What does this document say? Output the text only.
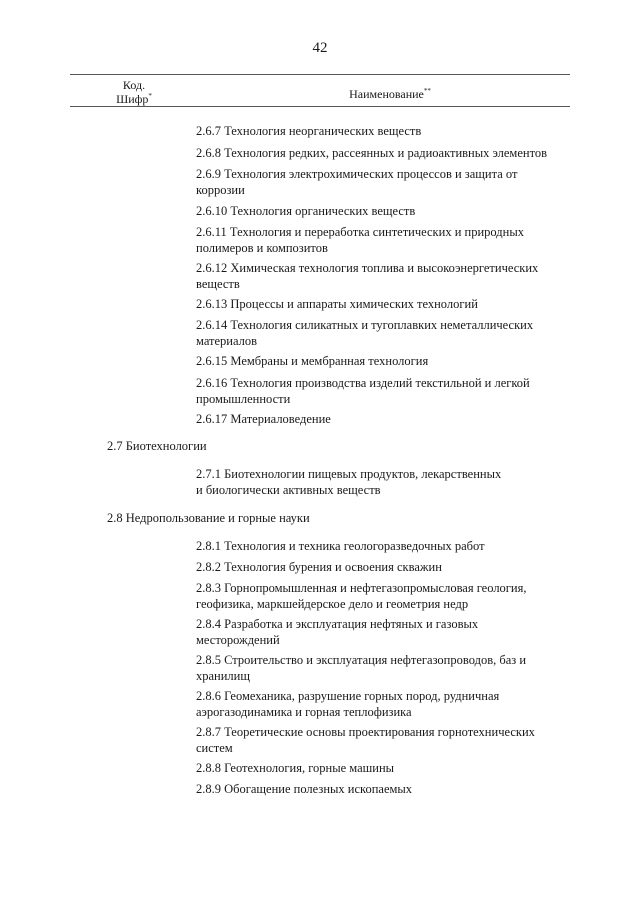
42
Код.
Шифр*	Наименование**
2.6.7 Технология неорганических веществ
2.6.8 Технология редких, рассеянных и радиоактивных элементов
2.6.9 Технология электрохимических процессов и защита от
коррозии
2.6.10 Технология органических веществ
2.6.11 Технология и переработка синтетических и природных
полимеров и композитов
2.6.12 Химическая технология топлива и высокоэнергетических
веществ
2.6.13 Процессы и аппараты химических технологий
2.6.14 Технология силикатных и тугоплавких неметаллических
материалов
2.6.15 Мембраны и мембранная технология
2.6.16 Технология производства изделий текстильной и легкой
промышленности
2.6.17 Материаловедение
2.7 Биотехнологии
2.7.1 Биотехнологии пищевых продуктов, лекарственных
и биологически активных веществ
2.8 Недропользование и горные науки
2.8.1 Технология и техника геологоразведочных работ
2.8.2 Технология бурения и освоения скважин
2.8.3 Горнопромышленная и нефтегазопромысловая геология,
геофизика, маркшейдерское дело и геометрия недр
2.8.4 Разработка и эксплуатация нефтяных и газовых
месторождений
2.8.5 Строительство и эксплуатация нефтегазопроводов, баз и
хранилищ
2.8.6 Геомеханика, разрушение горных пород, рудничная
аэрогазодинамика и горная теплофизика
2.8.7 Теоретические основы проектирования горнотехнических
систем
2.8.8 Геотехнология, горные машины
2.8.9 Обогащение полезных ископаемых
